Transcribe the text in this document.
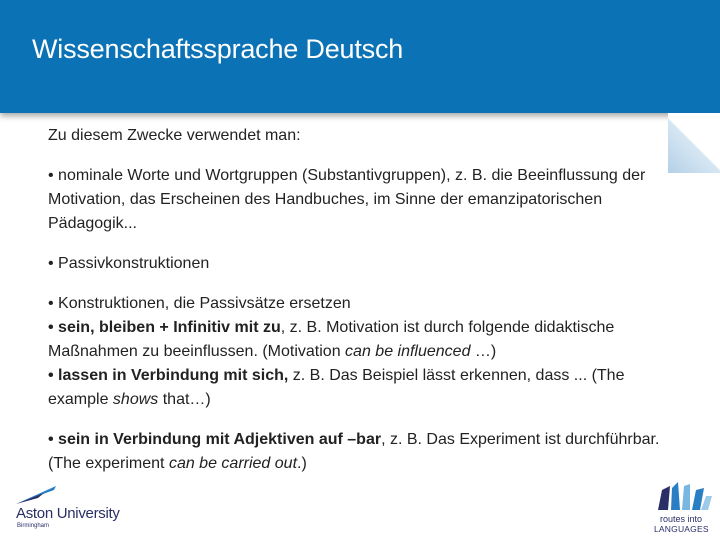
Wissenschaftssprache Deutsch

Zu diesem Zwecke verwendet man:

• nominale Worte und Wortgruppen (Substantivgruppen), z. B. die Beeinflussung der Motivation, das Erscheinen des Handbuches, im Sinne der emanzipatorischen Pädagogik...

• Passivkonstruktionen

• Konstruktionen, die Passivsätze ersetzen

• sein, bleiben + Infinitiv mit zu, z. B. Motivation ist durch folgende didaktische Maßnahmen zu beeinflussen. (Motivation can be influenced …)

• lassen in Verbindung mit sich, z. B. Das Beispiel lässt erkennen, dass ... (The example shows that…)

• sein in Verbindung mit Adjektiven auf –bar, z. B. Das Experiment ist durchführbar. (The experiment can be carried out.)

Aston University
Birmingham
routes into
LANGUAGES
